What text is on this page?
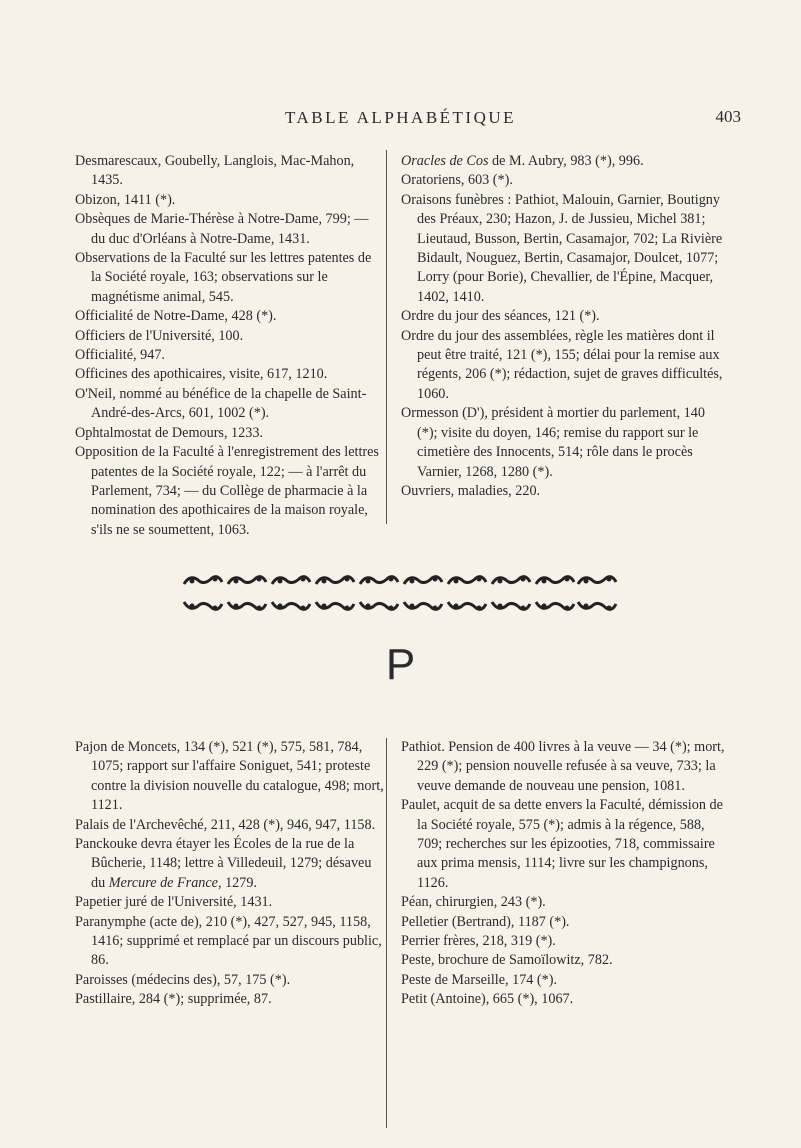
TABLE ALPHABÉTIQUE	403

Desmarescaux, Goubelly, Langlois, Mac-Mahon, 1435.

Obizon, 1411 (*).

Obsèques de Marie-Thérèse à Notre-Dame, 799; — du duc d'Orléans à Notre-Dame, 1431.

Observations de la Faculté sur les lettres patentes de la Société royale, 163; observations sur le magnétisme animal, 545.

Officialité de Notre-Dame, 428 (*).

Officiers de l'Université, 100.

Officialité, 947.

Officines des apothicaires, visite, 617, 1210.

O'Neil, nommé au bénéfice de la chapelle de Saint-André-des-Arcs, 601, 1002 (*).

Ophtalmostat de Demours, 1233.

Opposition de la Faculté à l'enregistrement des lettres patentes de la Société royale, 122; — à l'arrêt du Parlement, 734; — du Collège de pharmacie à la nomination des apothicaires de la maison royale, s'ils ne se soumettent, 1063.

Oracles de Cos de M. Aubry, 983 (*), 996.

Oratoriens, 603 (*).

Oraisons funèbres : Pathiot, Malouin, Garnier, Boutigny des Préaux, 230; Hazon, J. de Jussieu, Michel 381; Lieutaud, Busson, Bertin, Casamajor, 702; La Rivière Bidault, Nouguez, Bertin, Casamajor, Doulcet, 1077; Lorry (pour Borie), Chevallier, de l'Épine, Macquer, 1402, 1410.

Ordre du jour des séances, 121 (*).

Ordre du jour des assemblées, règle les matières dont il peut être traité, 121 (*), 155; délai pour la remise aux régents, 206 (*); rédaction, sujet de graves difficultés, 1060.

Ormesson (D'), président à mortier du parlement, 140 (*); visite du doyen, 146; remise du rapport sur le cimetière des Innocents, 514; rôle dans le procès Varnier, 1268, 1280 (*).

Ouvriers, maladies, 220.

P

Pajon de Moncets, 134 (*), 521 (*), 575, 581, 784, 1075; rapport sur l'affaire Soniguet, 541; proteste contre la division nouvelle du catalogue, 498; mort, 1121.

Palais de l'Archevêché, 211, 428 (*), 946, 947, 1158.

Panckouke devra étayer les Écoles de la rue de la Bûcherie, 1148; lettre à Villedeuil, 1279; désaveu du Mercure de France, 1279.

Papetier juré de l'Université, 1431.

Paranymphe (acte de), 210 (*), 427, 527, 945, 1158, 1416; supprimé et remplacé par un discours public, 86.

Paroisses (médecins des), 57, 175 (*).

Pastillaire, 284 (*); supprimée, 87.

Pathiot. Pension de 400 livres à la veuve — 34 (*); mort, 229 (*); pension nouvelle refusée à sa veuve, 733; la veuve demande de nouveau une pension, 1081.

Paulet, acquit de sa dette envers la Faculté, démission de la Société royale, 575 (*); admis à la régence, 588, 709; recherches sur les épizooties, 718, commissaire aux prima mensis, 1114; livre sur les champignons, 1126.

Péan, chirurgien, 243 (*).

Pelletier (Bertrand), 1187 (*).

Perrier frères, 218, 319 (*).

Peste, brochure de Samoïlowitz, 782.

Peste de Marseille, 174 (*).

Petit (Antoine), 665 (*), 1067.
